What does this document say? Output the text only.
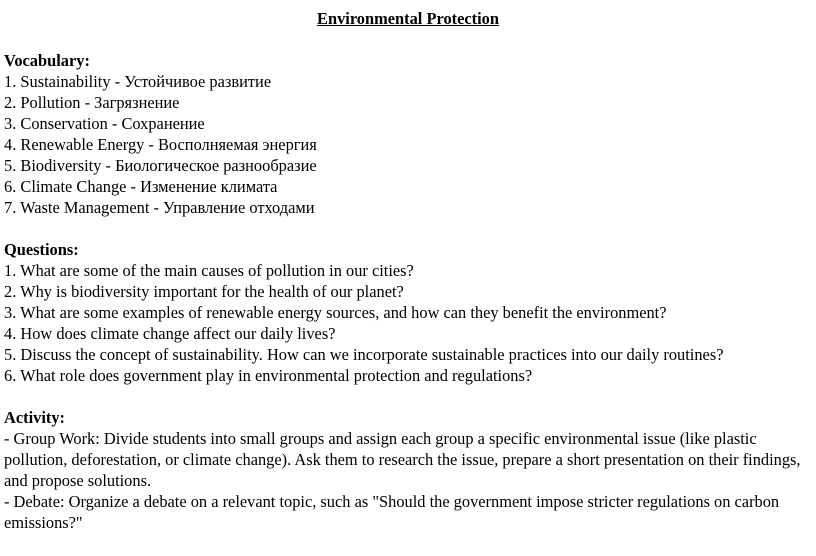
Environmental Protection
Vocabulary:
1. Sustainability - Устойчивое развитие
2. Pollution - Загрязнение
3. Conservation - Сохранение
4. Renewable Energy - Восполняемая энергия
5. Biodiversity - Биологическое разнообразие
6. Climate Change - Изменение климата
7. Waste Management - Управление отходами
Questions:
1. What are some of the main causes of pollution in our cities?
2. Why is biodiversity important for the health of our planet?
3. What are some examples of renewable energy sources, and how can they benefit the environment?
4. How does climate change affect our daily lives?
5. Discuss the concept of sustainability. How can we incorporate sustainable practices into our daily routines?
6. What role does government play in environmental protection and regulations?
Activity:
- Group Work: Divide students into small groups and assign each group a specific environmental issue (like plastic pollution, deforestation, or climate change). Ask them to research the issue, prepare a short presentation on their findings, and propose solutions.
- Debate: Organize a debate on a relevant topic, such as "Should the government impose stricter regulations on carbon emissions?"
